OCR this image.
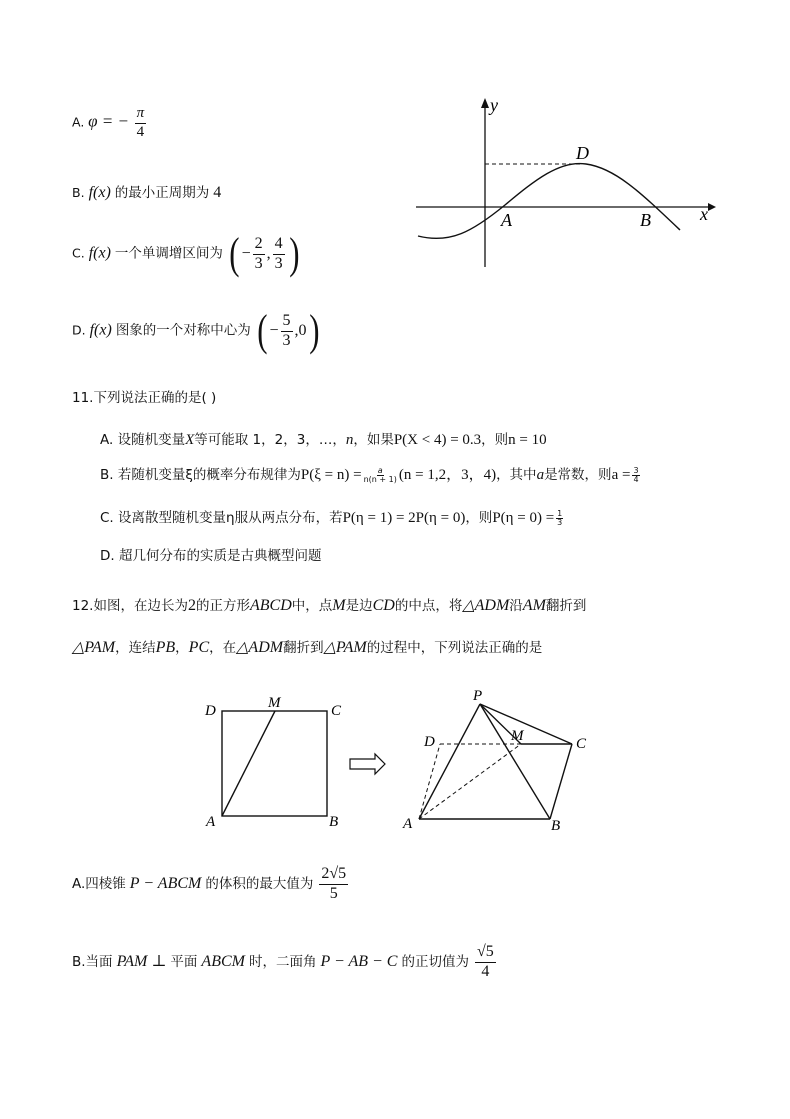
A. φ = − $\frac{\pi}{4}$
B. f(x) 的最小正周期为 4
C. f(x) 一个单调增区间为 ( − $\frac{2}{3}$ , $\frac{4}{3}$ )
D. f(x) 图象的一个对称中心为 ( − $\frac{5}{3} ,0$)
y
x
D
A	B
11.下列说法正确的是( )
A. 设随机变量X等可能取 1，2，3，…，n，如果P(X < 4) = 0.3，则n = 10
B. 若随机变量ξ的概率分布规律为$P(\xi = n) = \frac{a}{n(n + 1)} (n = 1,2$，3，4)，其中a是常数，则$a = \frac{3}{4}$
C. 设离散型随机变量η服从两点分布，若P(η = 1) = 2P(η = 0)，则$P(\eta = 0) = \frac{1}{3}$
D. 超几何分布的实质是古典概型问题
12.如图，在边长为2的正方形ABCD中，点M是边CD的中点，将△ADM沿AM翻折到
△PAM，连结PB，PC，在△ADM翻折到△PAM的过程中，下列说法正确的是
D	M	C
A	B
P
D	M	C
A	B
A.四棱锥 P − ABCM 的体积的最大值为 $\frac{2√5}{5}$
B.当面 PAM ⊥ 平面 ABCM 时，二面角 P − AB − C 的正切值为 $\frac{√5}{4}$
